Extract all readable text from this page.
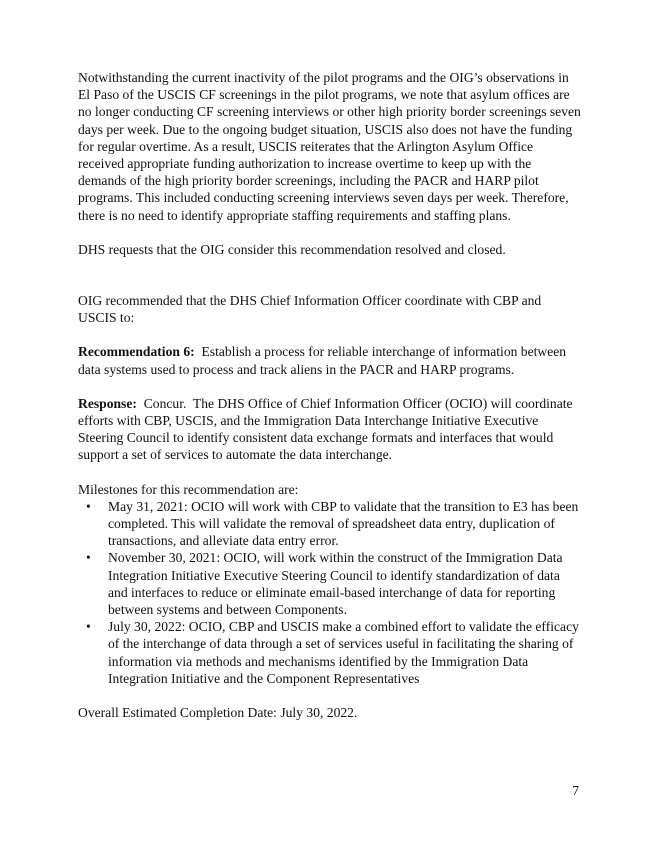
Notwithstanding the current inactivity of the pilot programs and the OIG’s observations in El Paso of the USCIS CF screenings in the pilot programs, we note that asylum offices are no longer conducting CF screening interviews or other high priority border screenings seven days per week. Due to the ongoing budget situation, USCIS also does not have the funding for regular overtime. As a result, USCIS reiterates that the Arlington Asylum Office received appropriate funding authorization to increase overtime to keep up with the demands of the high priority border screenings, including the PACR and HARP pilot programs. This included conducting screening interviews seven days per week. Therefore, there is no need to identify appropriate staffing requirements and staffing plans.

DHS requests that the OIG consider this recommendation resolved and closed.

OIG recommended that the DHS Chief Information Officer coordinate with CBP and USCIS to:

Recommendation 6:  Establish a process for reliable interchange of information between data systems used to process and track aliens in the PACR and HARP programs.

Response:  Concur.  The DHS Office of Chief Information Officer (OCIO) will coordinate efforts with CBP, USCIS, and the Immigration Data Interchange Initiative Executive Steering Council to identify consistent data exchange formats and interfaces that would support a set of services to automate the data interchange.

Milestones for this recommendation are:

• May 31, 2021: OCIO will work with CBP to validate that the transition to E3 has been completed. This will validate the removal of spreadsheet data entry, duplication of transactions, and alleviate data entry error.
• November 30, 2021: OCIO, will work within the construct of the Immigration Data Integration Initiative Executive Steering Council to identify standardization of data and interfaces to reduce or eliminate email-based interchange of data for reporting between systems and between Components.
• July 30, 2022: OCIO, CBP and USCIS make a combined effort to validate the efficacy of the interchange of data through a set of services useful in facilitating the sharing of information via methods and mechanisms identified by the Immigration Data Integration Initiative and the Component Representatives

Overall Estimated Completion Date: July 30, 2022.

7
